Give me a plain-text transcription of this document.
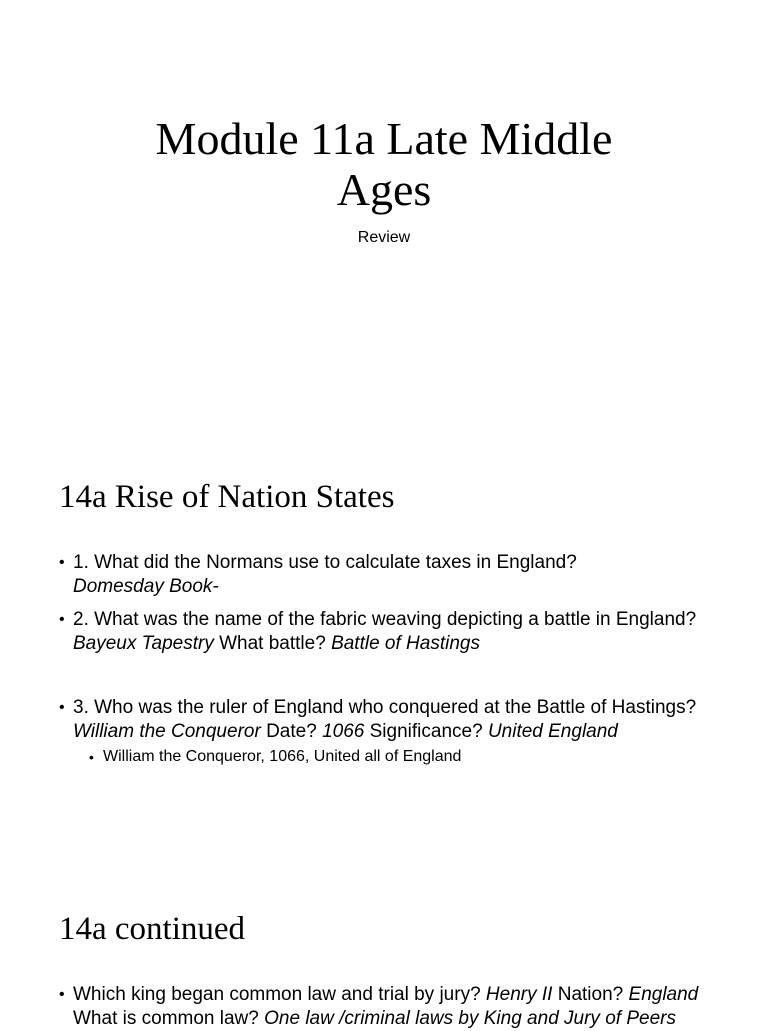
Module 11a Late Middle
Ages

Review

14a Rise of Nation States
• 1. What did the Normans use to calculate taxes in England?
Domesday Book-
• 2. What was the name of the fabric weaving depicting a battle in England? Bayeux Tapestry What battle? Battle of Hastings
• 3. Who was the ruler of England who conquered at the Battle of Hastings? William the Conqueror Date? 1066 Significance? United England
• William the Conqueror, 1066, United all of England
14a continued
• Which king began common law and trial by jury? Henry II Nation? England
What is common law? One law /criminal laws by King and Jury of Peers
